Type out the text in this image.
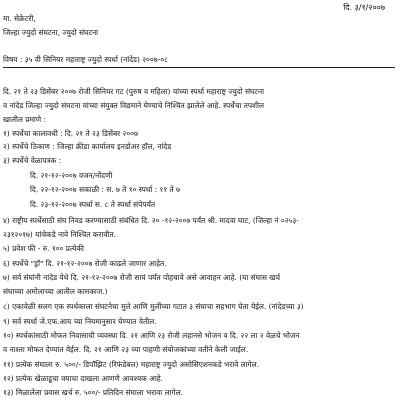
दि. ३/१/२००७
मा. सेक्रेटरी,
जिल्हा ज्युदो संघटना, ज्युदो संघटना
विषय : ३५ वी सिनियर महाराष्ट्र ज्युदो स्पर्धा (नांदेड) २००७-०८
दि. २१ ते २३ डिसेंबर २००७ रोजी सिनियर गट (पुरुष व महिला) यांच्या स्पर्धा महाराष्ट्र ज्युदो संघटना
व नांदेड जिल्हा ज्युदो संघटना यांच्या संयुक्त विद्यमाने घेण्याचे निश्चित झालेले आहे. स्पर्धेचा तपशील
खालील प्रमाणे :
१) स्पर्धेचा कालावधी : दि. २१ ते २३ डिसेंबर २००७
२) स्पर्धेचे ठिकाण : जिल्हा क्रीडा कार्यालय इनडोअर हॉल, नांदेड
३) स्पर्धेचे वेळापत्रक :
दि. २१-१२-२००७ वजन/नोंदणी
दि. २२-१२-२००७ सकाळी : स. ७ ते १० स्पर्धा : ११ ते ७
दि. २३-१२-२००७ स्पर्धा स. ८ ते स्पर्धा संपेपर्यंत
४) राष्ट्रीय स्पर्धेसाठी संघ निवड करण्यासाठी संबंधित दि. २० -१२-२००७ पर्यंत श्री. मादवा घाट, (जिल्हा नं ०२५३-
२३१२०१७) यांचेकडे नावे निश्चित करावीत.
५) प्रवेश फी - रु. १०० प्रत्येकी
६) स्पर्धेचे "ड्रॉ" दि. २१-१२-२००७ रोजी काढले जाणार आहेत.
७) सर्व संघांनी नांदेड येथे दि. २१-१२-२००७ रोजी सायं पर्यंत पोहचावे असे आवाहन आहे. (या संघास खर्च
संघाच्या अमोलाच्या आतील कामकाज.)
८) एकावेळी सलग एक स्पर्धकाला संघटनेचा मुले आणि मुलींच्या गटात ३ संघाचा सहभाग घेता येईल. (नांदेडच्या ३)
९) सर्व स्पर्धा जे.एफ.आय च्या नियमानुसार घेण्यात येतील.
१०) स्पर्धकांसाठी मोफत निवासाची व्यवस्था दि. २१ आणि २३ रोजी लहानसे भोजन व दि. २२ ला २ वेळचे भोजन
व नाश्ता मोफत देण्यात येईल. दि. २१ आणि २३ च्या पाहणी संयोजकांच्या वतीने केली जाईल.
११) प्रत्येक संघाला रु. ५००/- डिपॉझिट (रिफंडेबल) महाराष्ट्र ज्युदो असोसिएशनकडे भरावे लागेल.
१२) प्रत्येक खेळाडूचा वयाचा दाखला आणणे आवश्यक आहे.
१३) मिळालेला प्रवास खर्च रु. ५००/- प्रतिदिन संघाला भरावा लागेल.
